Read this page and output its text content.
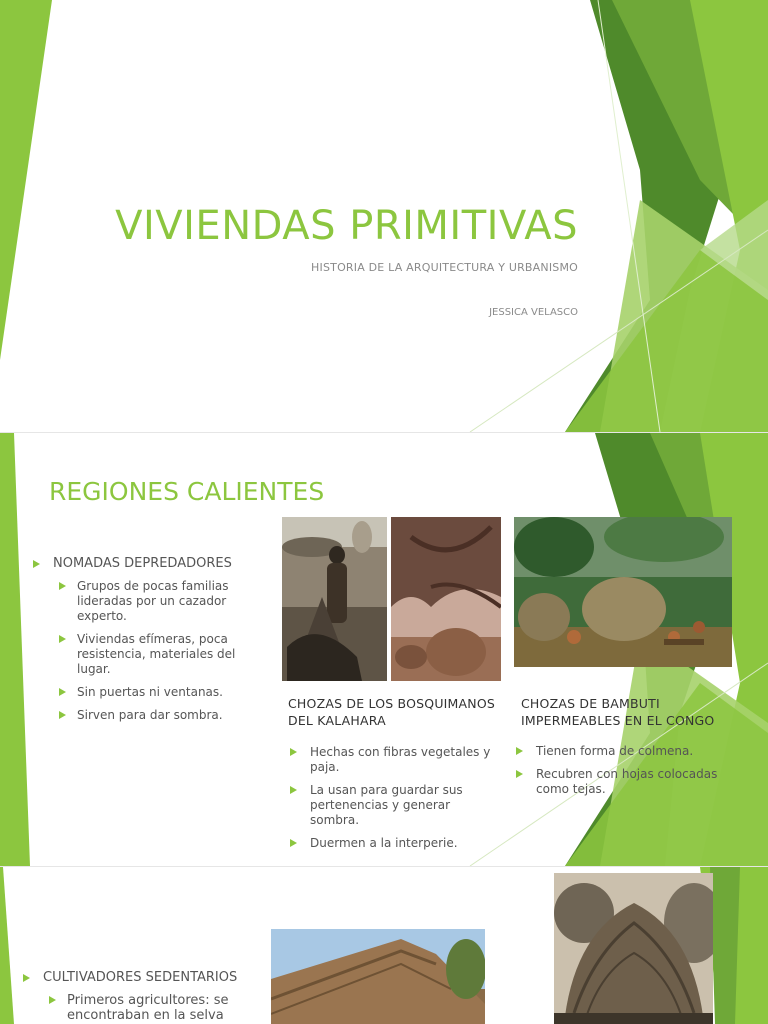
VIVIENDAS PRIMITIVAS
HISTORIA DE LA ARQUITECTURA Y URBANISMO
JESSICA VELASCO
REGIONES CALIENTES
NOMADAS DEPREDADORES
Grupos de pocas familias lideradas por un cazador experto.
Viviendas efímeras, poca resistencia, materiales del lugar.
Sin puertas ni ventanas.
Sirven para dar sombra.
CHOZAS DE LOS BOSQUIMANOS DEL KALAHARA
Hechas con fibras vegetales y paja.
La usan para guardar sus pertenencias y generar sombra.
Duermen a la interperie.
CHOZAS DE BAMBUTI IMPERMEABLES EN EL CONGO
Tienen forma de colmena.
Recubren con hojas colocadas como tejas.
CULTIVADORES SEDENTARIOS
Primeros agricultores: se encontraban en la selva
